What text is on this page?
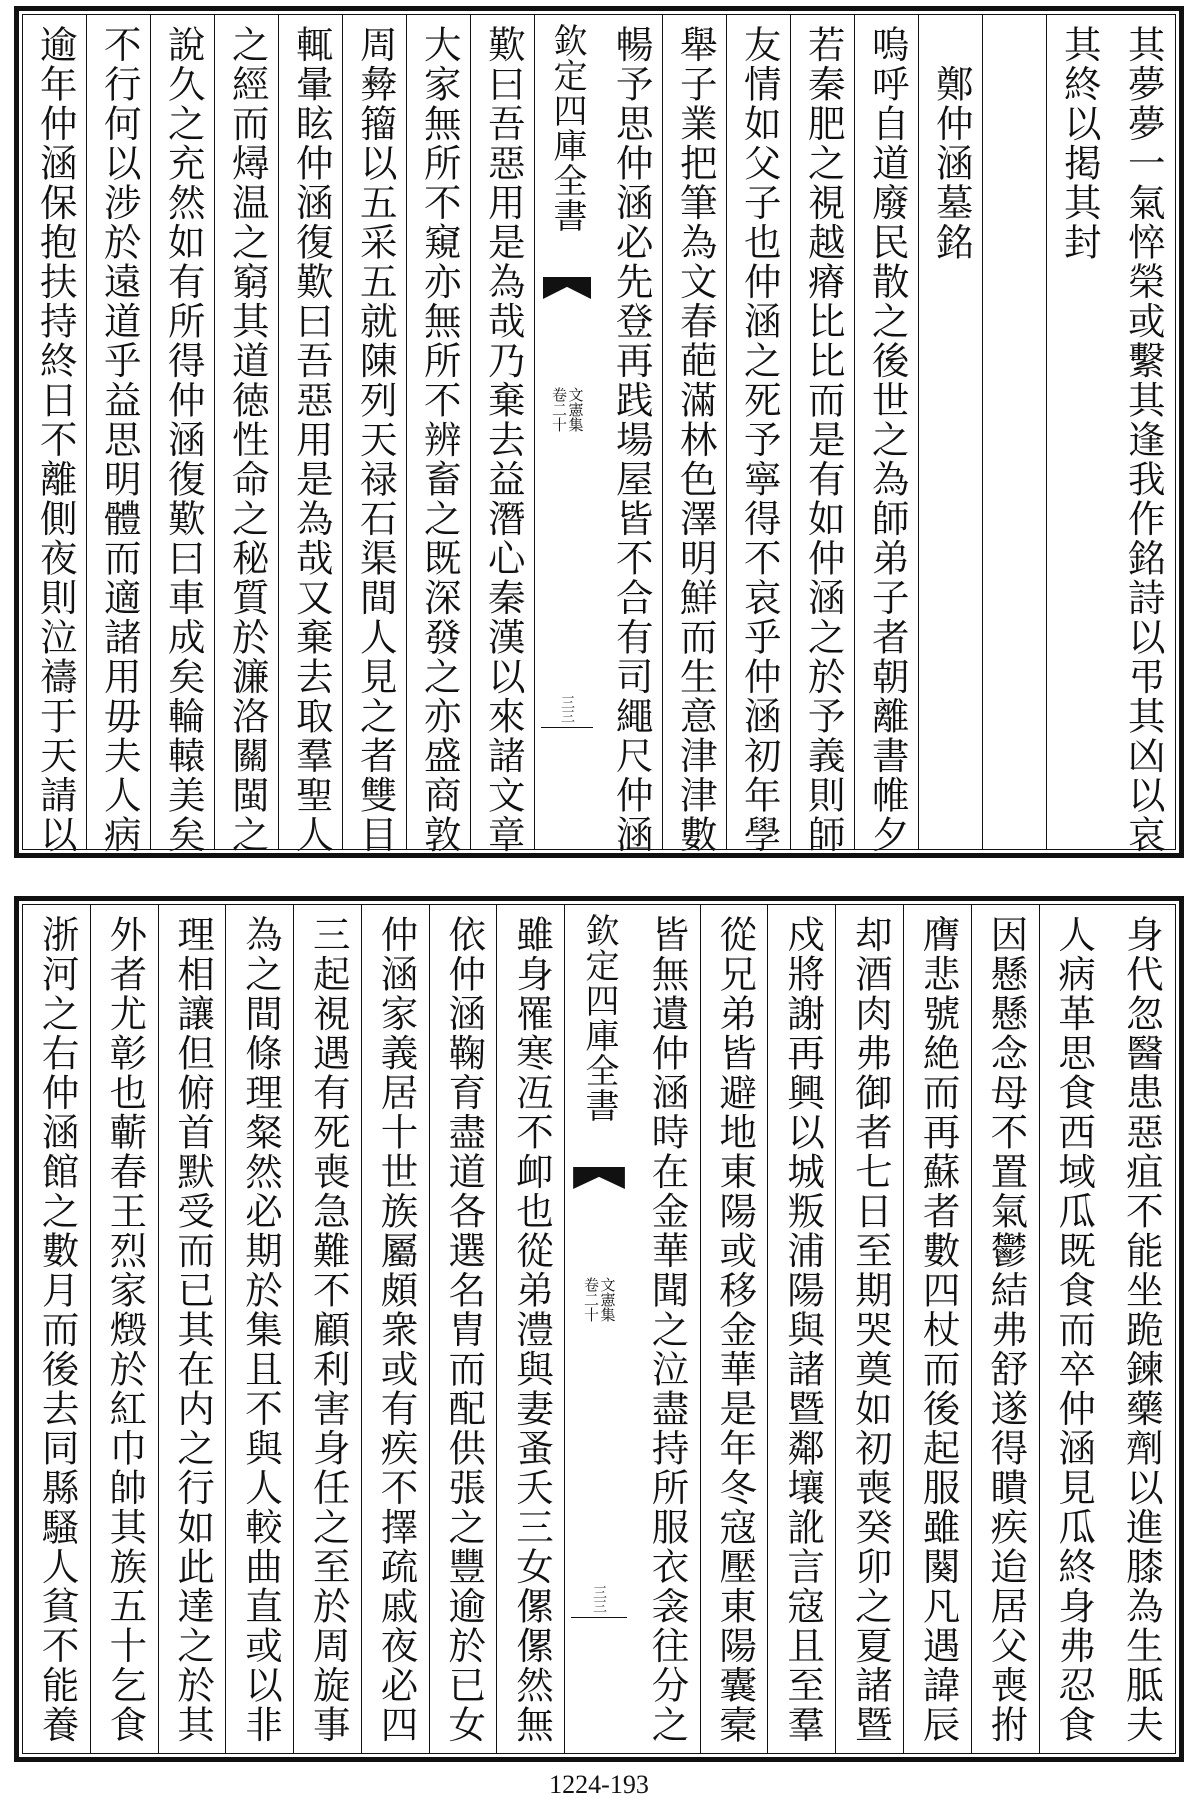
其夢夢一氣悴榮或繫其逢我作銘詩以弔其凶以哀
其終以掲其封
　鄭仲涵墓銘
嗚呼自道廢民散之後世之為師弟子者朝離書帷夕
若秦肥之視越瘠比比而是有如仲涵之於予義則師
友情如父子也仲涵之死予寧得不哀乎仲涵初年學
舉子業把筆為文春葩滿林色澤明鮮而生意津津數
暢予思仲涵必先登再践場屋皆不合有司繩尺仲涵
欽定四庫全書
文憲集
卷二十
三三
歎曰吾惡用是為哉乃棄去益潛心秦漢以來諸文章
大家無所不窺亦無所不辨畜之既深發之亦盛商敦
周彜籀以五采五就陳列天禄石渠間人見之者雙目
輒暈眩仲涵復歎曰吾惡用是為哉又棄去取羣聖人
之經而燖温之窮其道徳性命之秘質於濂洛關閩之
說久之充然如有所得仲涵復歎曰車成矣輪轅美矣
不行何以涉於遠道乎益思明體而適諸用毋夫人病
逾年仲涵保抱扶持終日不離側夜則泣禱于天請以
身代忽醫患惡疽不能坐跪鍊藥劑以進膝為生胝夫
人病革思食西域瓜既食而卒仲涵見瓜終身弗忍食
因懸懸念母不置氣鬱結弗舒遂得瞶疾迨居父喪拊
膺悲號絶而再蘇者數四杖而後起服雖闋凡遇諱辰
却酒肉弗御者七日至期哭奠如初喪癸卯之夏諸暨
戍將謝再興以城叛浦陽與諸暨鄰壤訛言寇且至羣
從兄弟皆避地東陽或移金華是年冬寇壓東陽囊槖
皆無遺仲涵時在金華聞之泣盡持所服衣衾往分之
欽定四庫全書
文憲集
卷二十
三三
雖身罹寒冱不卹也從弟澧與妻蚤夭三女傫傫然無
依仲涵鞠育盡道各選名胄而配供張之豐逾於已女
仲涵家義居十世族屬頗衆或有疾不擇疏戚夜必四
三起視遇有死喪急難不顧利害身任之至於周旋事
為之間條理粲然必期於集且不與人較曲直或以非
理相讓但俯首默受而已其在内之行如此達之於其
外者尤彰也蘄春王烈家燬於紅巾帥其族五十乞食
浙河之右仲涵館之數月而後去同縣騷人貧不能養
1224-193
